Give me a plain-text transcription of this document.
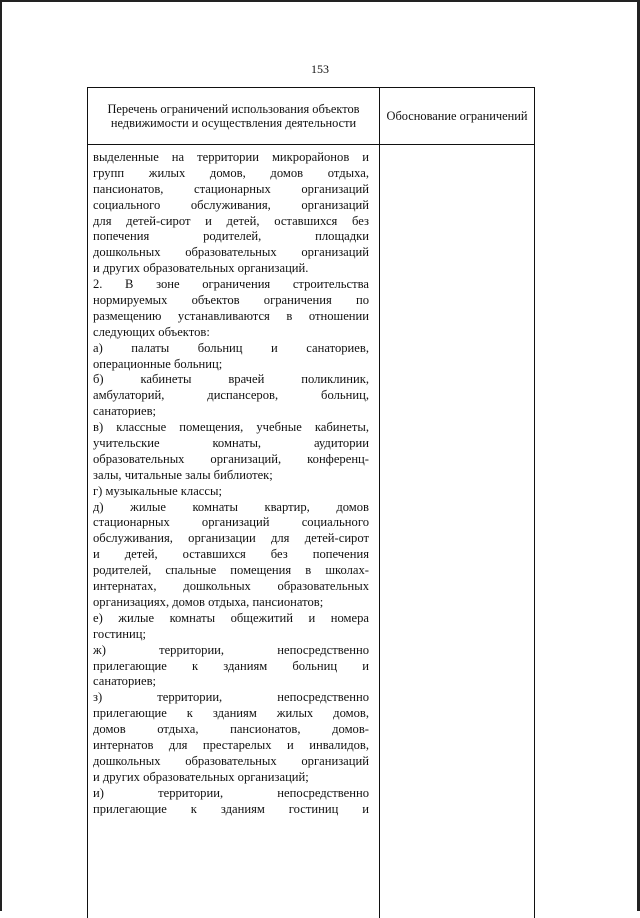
153
Перечень ограничений использования объектов недвижимости и осуществления деятельности
Обоснование ограничений
выделенные на территории микрорайонов и
групп жилых домов, домов отдыха,
пансионатов, стационарных организаций
социального обслуживания, организаций
для детей-сирот и детей, оставшихся без
попечения родителей, площадки
дошкольных образовательных организаций
и других образовательных организаций.
2. В зоне ограничения строительства
нормируемых объектов ограничения по
размещению устанавливаются в отношении
следующих объектов:
а) палаты больниц и санаториев,
операционные больниц;
б) кабинеты врачей поликлиник,
амбулаторий, диспансеров, больниц,
санаториев;
в) классные помещения, учебные кабинеты,
учительские комнаты, аудитории
образовательных организаций, конференц-
залы, читальные залы библиотек;
г) музыкальные классы;
д) жилые комнаты квартир, домов
стационарных организаций социального
обслуживания, организации для детей-сирот
и детей, оставшихся без попечения
родителей, спальные помещения в школах-
интернатах, дошкольных образовательных
организациях, домов отдыха, пансионатов;
е) жилые комнаты общежитий и номера
гостиниц;
ж) территории, непосредственно
прилегающие к зданиям больниц и
санаториев;
з) территории, непосредственно
прилегающие к зданиям жилых домов,
домов отдыха, пансионатов, домов-
интернатов для престарелых и инвалидов,
дошкольных образовательных организаций
и других образовательных организаций;
и) территории, непосредственно
прилегающие к зданиям гостиниц и
